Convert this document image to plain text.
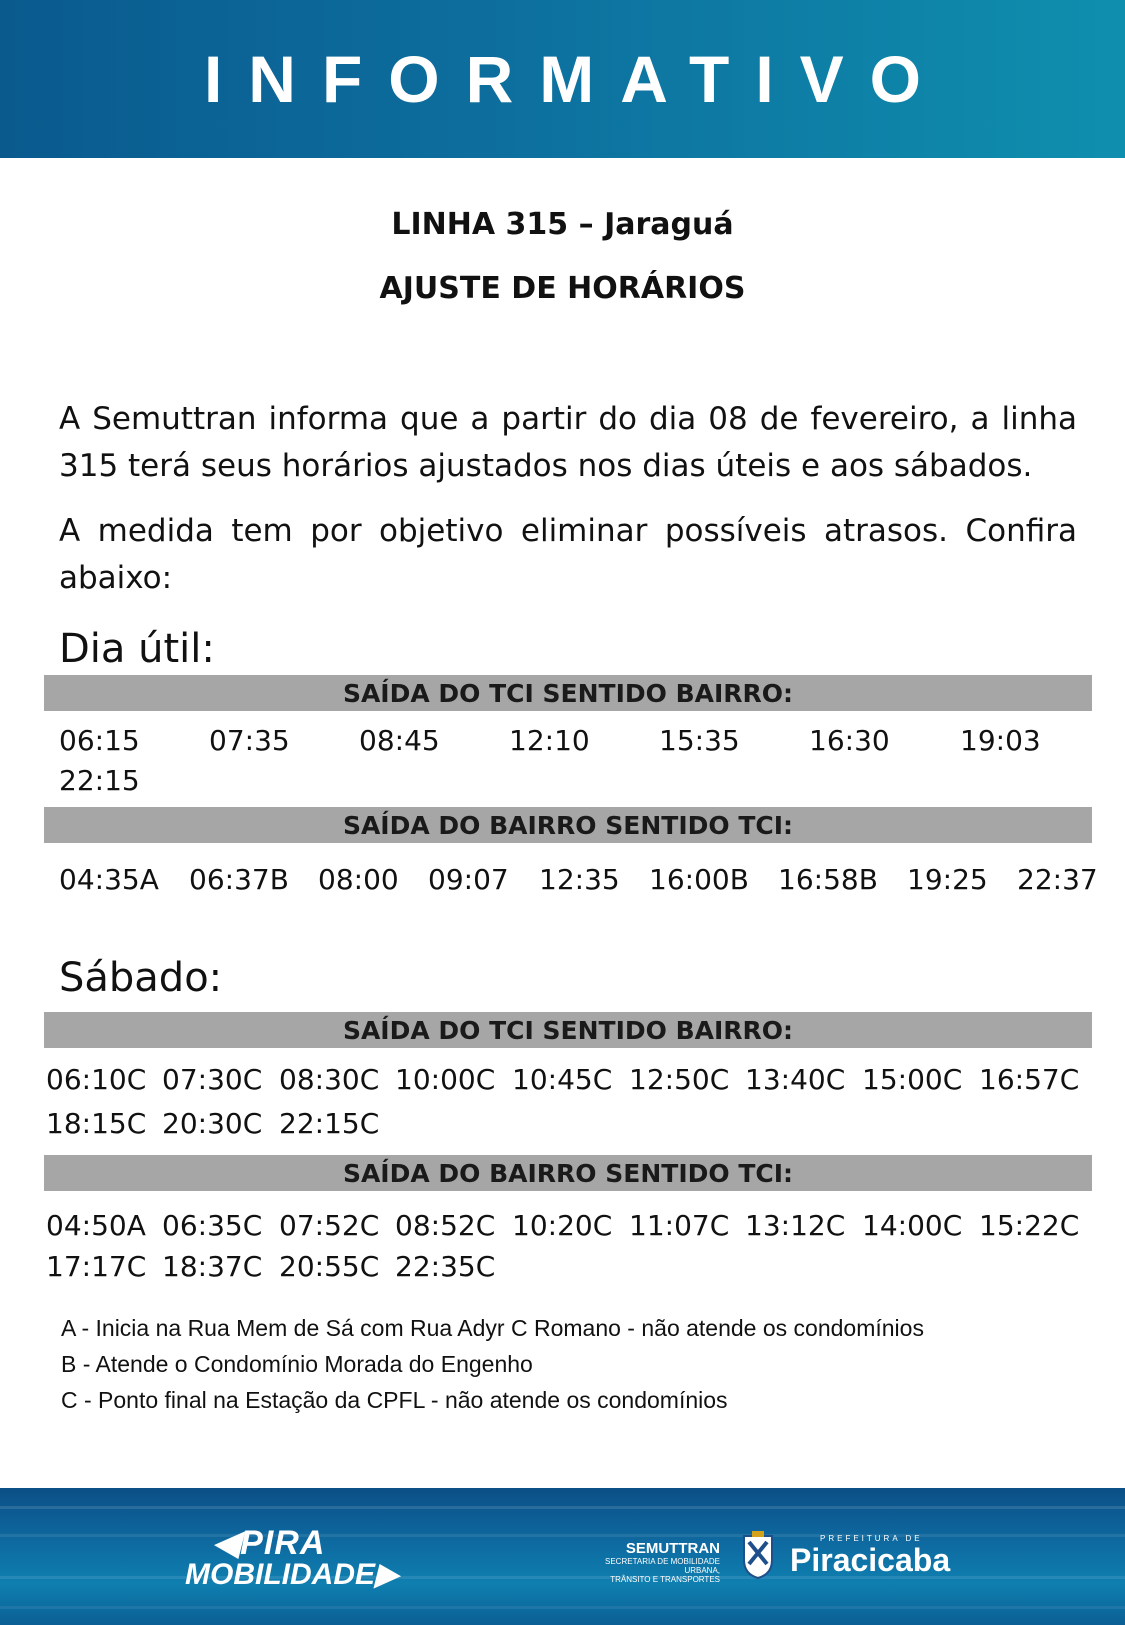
INFORMATIVO
LINHA 315 – Jaraguá
AJUSTE DE HORÁRIOS
A Semuttran informa que a partir do dia 08 de fevereiro, a linha 315 terá seus horários ajustados nos dias úteis e aos sábados.
A medida tem por objetivo eliminar possíveis atrasos. Confira abaixo:
Dia útil:
SAÍDA DO TCI SENTIDO BAIRRO:
06:15 07:35 08:45 12:10 15:35 16:30	19:03
22:15
SAÍDA DO BAIRRO SENTIDO TCI:
04:35A 06:37B 08:00 09:07 12:35 16:00B 16:58B 19:25 22:37
Sábado:
SAÍDA DO TCI SENTIDO BAIRRO:
06:10C 07:30C 08:30C 10:00C 10:45C 12:50C 13:40C 15:00C 16:57C
18:15C 20:30C 22:15C
SAÍDA DO BAIRRO SENTIDO TCI:
04:50A 06:35C 07:52C 08:52C 10:20C 11:07C 13:12C 14:00C 15:22C
17:17C 18:37C 20:55C 22:35C
A - Inicia na Rua Mem de Sá com Rua Adyr C Romano - não atende os condomínios
B - Atende o Condomínio Morada do Engenho
C - Ponto final na Estação da CPFL - não atende os condomínios
◀PIRA
MOBILIDADE▶
SEMUTTRAN
SECRETARIA DE MOBILIDADE URBANA,
TRÂNSITO E TRANSPORTES
PREFEITURA DE
Piracicaba
